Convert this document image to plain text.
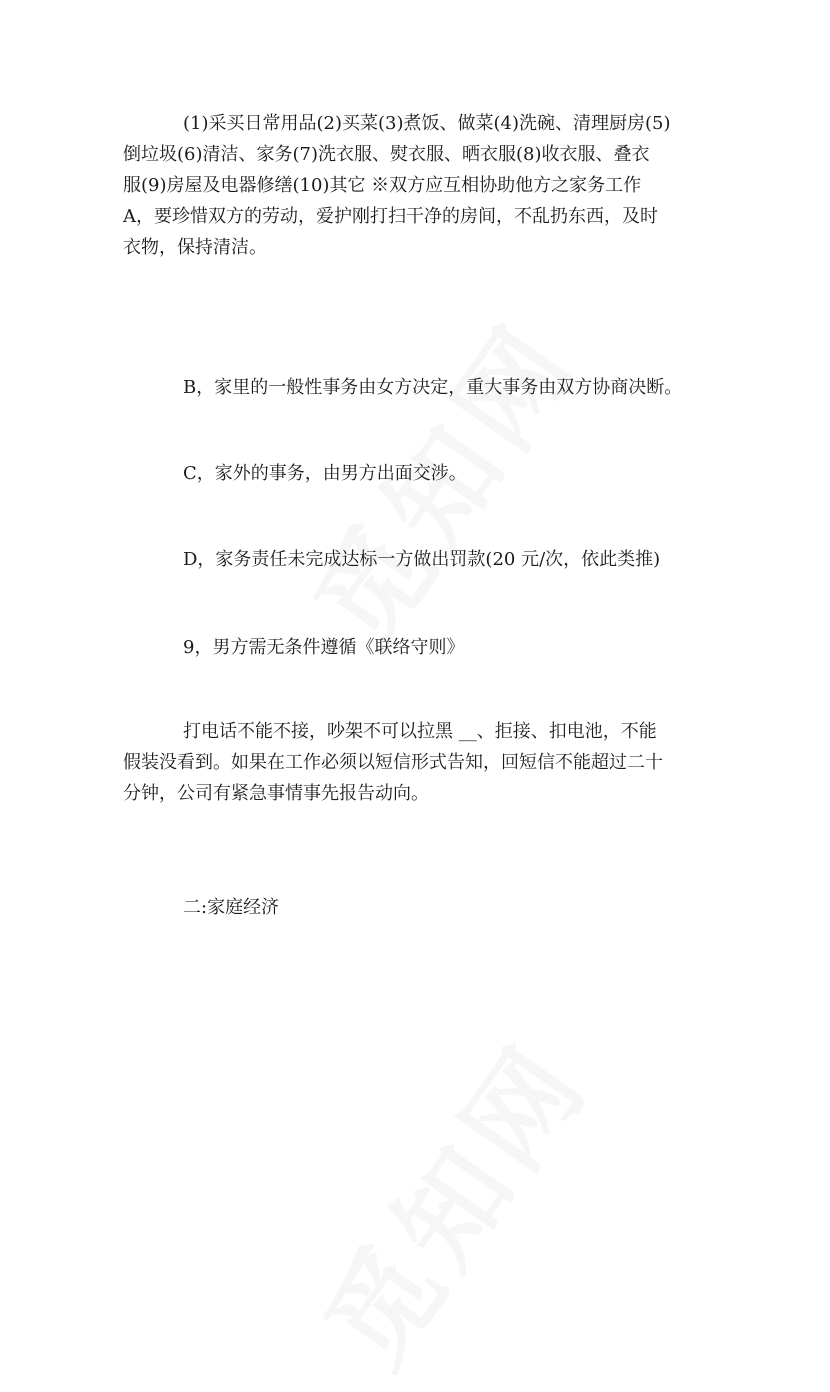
(1)采买日常用品(2)买菜(3)煮饭、做菜(4)洗碗、清理厨房(5)
倒垃圾(6)清洁、家务(7)洗衣服、熨衣服、晒衣服(8)收衣服、叠衣
服(9)房屋及电器修缮(10)其它 ※双方应互相协助他方之家务工作
A，要珍惜双方的劳动，爱护刚打扫干净的房间，不乱扔东西，及时
衣物，保持清洁。

B，家里的一般性事务由女方决定，重大事务由双方协商决断。

C，家外的事务，由男方出面交涉。

D，家务责任未完成达标一方做出罚款(20 元/次，依此类推)

9，男方需无条件遵循《联络守则》

打电话不能不接，吵架不可以拉黑 __、拒接、扣电池，不能
假装没看到。如果在工作必须以短信形式告知，回短信不能超过二十
分钟，公司有紧急事情事先报告动向。

二:家庭经济
